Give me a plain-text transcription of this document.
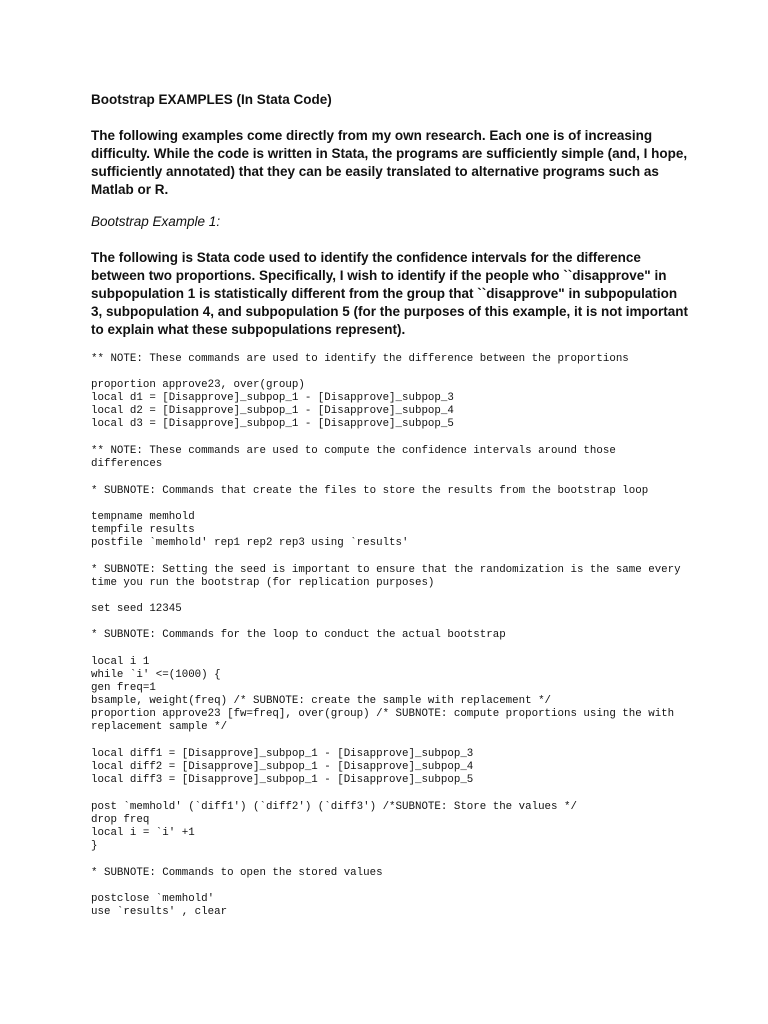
Bootstrap EXAMPLES (In Stata Code)

The following examples come directly from my own research. Each one is of increasing difficulty. While the code is written in Stata, the programs are sufficiently simple (and, I hope, sufficiently annotated) that they can be easily translated to alternative programs such as Matlab or R.

Bootstrap Example 1:

The following is Stata code used to identify the confidence intervals for the difference between two proportions. Specifically, I wish to identify if the people who ``disapprove" in subpopulation 1 is statistically different from the group that ``disapprove" in subpopulation 3, subpopulation 4, and subpopulation 5 (for the purposes of this example, it is not important to explain what these subpopulations represent).

** NOTE: These commands are used to identify the difference between the proportions
proportion approve23, over(group)
local d1 = [Disapprove]_subpop_1 - [Disapprove]_subpop_3
local d2 = [Disapprove]_subpop_1 - [Disapprove]_subpop_4
local d3 = [Disapprove]_subpop_1 - [Disapprove]_subpop_5
** NOTE: These commands are used to compute the confidence intervals around those differences
* SUBNOTE: Commands that create the files to store the results from the bootstrap loop
tempname memhold
tempfile results
postfile `memhold' rep1 rep2 rep3 using `results'
* SUBNOTE: Setting the seed is important to ensure that the randomization is the same every time you run the bootstrap (for replication purposes)
set seed 12345
* SUBNOTE: Commands for the loop to conduct the actual bootstrap
local i 1
while `i' <=(1000) {
gen freq=1
bsample, weight(freq) /* SUBNOTE: create the sample with replacement */
proportion approve23 [fw=freq], over(group) /* SUBNOTE: compute proportions using the with replacement sample */
local diff1 = [Disapprove]_subpop_1 - [Disapprove]_subpop_3
local diff2 = [Disapprove]_subpop_1 - [Disapprove]_subpop_4
local diff3 = [Disapprove]_subpop_1 - [Disapprove]_subpop_5
post `memhold' (`diff1') (`diff2') (`diff3') /*SUBNOTE: Store the values */
drop freq
local i = `i' +1
}
* SUBNOTE: Commands to open the stored values
postclose `memhold'
use `results' , clear
